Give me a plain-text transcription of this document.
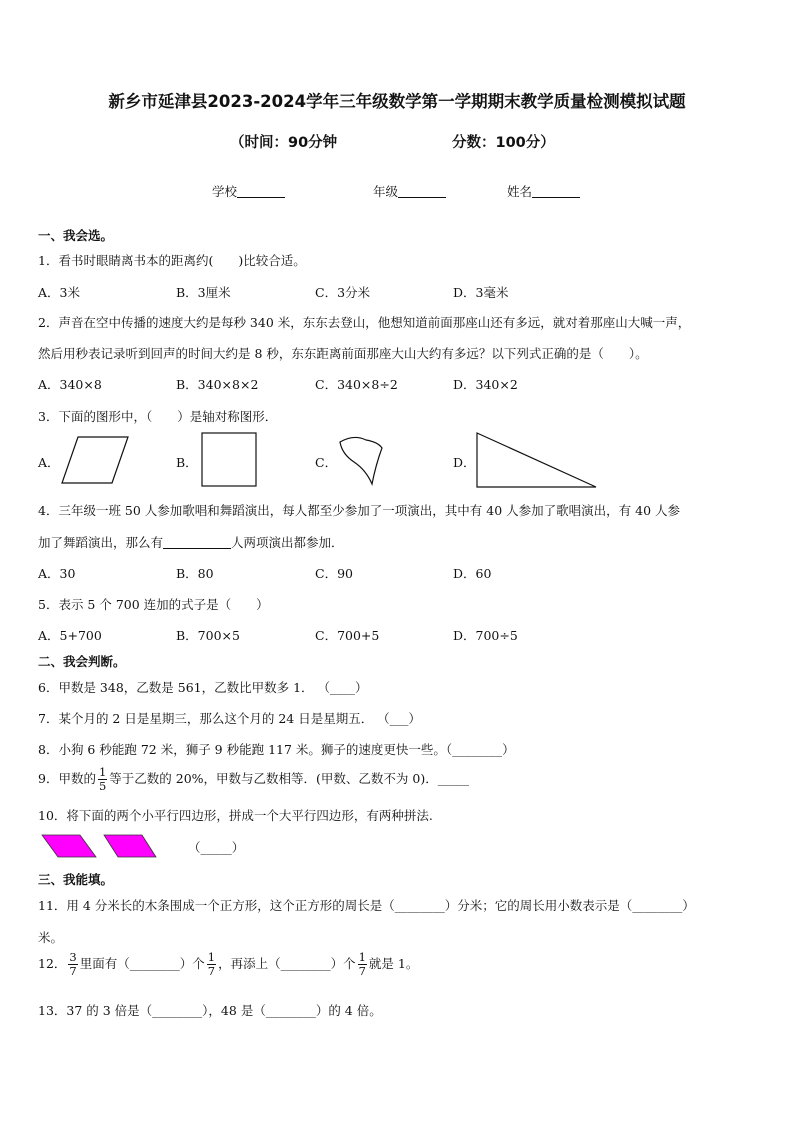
新乡市延津县2023-2024学年三年级数学第一学期期末教学质量检测模拟试题
（时间：90分钟	分数：100分）
学校	年级	姓名
一、我会选。
1．看书时眼睛离书本的距离约(　　)比较合适。
A．3米	B．3厘米	C．3分米	D．3毫米
2．声音在空中传播的速度大约是每秒 340 米，东东去登山，他想知道前面那座山还有多远，就对着那座山大喊一声，
然后用秒表记录听到回声的时间大约是 8 秒，东东距离前面那座大山大约有多远？以下列式正确的是（　　）。
A．340×8	B．340×8×2	C．340×8÷2	D．340×2
3．下面的图形中，（　　）是轴对称图形．
A．	B．	C．	D．
4．三年级一班 50 人参加歌唱和舞蹈演出，每人都至少参加了一项演出，其中有 40 人参加了歌唱演出，有 40 人参
加了舞蹈演出，那么有	人两项演出都参加．
A．30	B．80	C．90	D．60
5．表示 5 个 700 连加的式子是（　　）
A．5+700	B．700×5	C．700+5	D．700÷5
二、我会判断。
6．甲数是 348，乙数是 561，乙数比甲数多 1． （____）
7．某个月的 2 日是星期三，那么这个月的 24 日是星期五． （___）
8．小狗 6 秒能跑 72 米，狮子 9 秒能跑 117 米。狮子的速度更快一些。（________）
9．甲数的 $\frac{1}{5}$ 等于乙数的 20%，甲数与乙数相等．(甲数、乙数不为 0)．_____
10．将下面的两个小平行四边形，拼成一个大平行四边形，有两种拼法.
（_____）
三、我能填。
11．用 4 分米长的木条围成一个正方形，这个正方形的周长是（________）分米；它的周长用小数表示是（________）
米。
12． $\frac{3}{7}$ 里面有（________）个 $\frac{1}{7}$ ，再添上（________）个 $\frac{1}{7}$ 就是 1。
13．37 的 3 倍是（________），48 是（________）的 4 倍。
